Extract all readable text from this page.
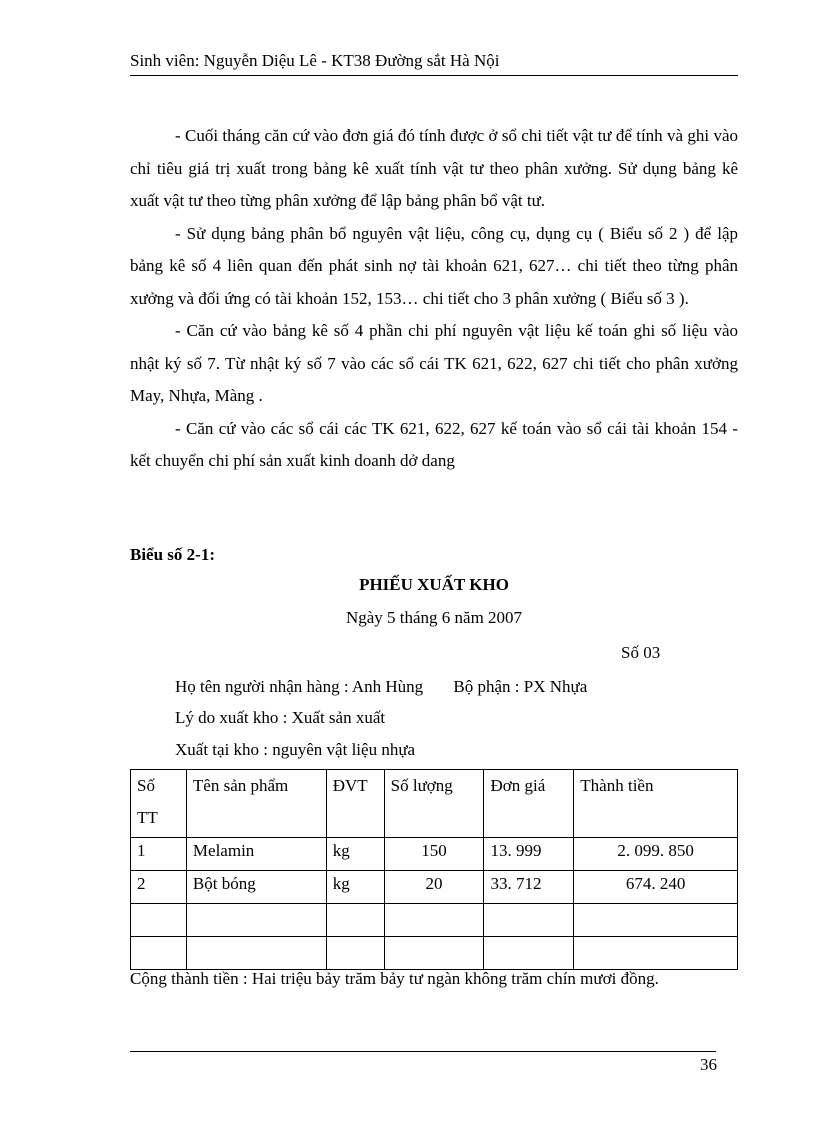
Sinh viên: Nguyễn Diệu Lê - KT38 Đường sắt Hà Nội

- Cuối tháng căn cứ vào đơn giá đó tính được ở sổ chi tiết vật tư để tính và ghi vào chỉ tiêu giá trị xuất trong bảng kê xuất tính vật tư theo phân xưởng. Sử dụng bảng kê xuất vật tư theo từng phân xưởng để lập bảng phân bổ vật tư.

- Sử dụng bảng phân bổ nguyên vật liệu, công cụ, dụng cụ ( Biểu số 2 ) để lập bảng kê số 4 liên quan đến phát sinh nợ tài khoản 621, 627… chi tiết theo từng phân xưởng và đối ứng có tài khoản 152, 153… chi tiết cho 3 phân xưởng ( Biểu số 3 ).

- Căn cứ vào bảng kê số 4 phần chi phí nguyên vật liệu kế toán ghi số liệu vào nhật ký số 7. Từ nhật ký số 7 vào các sổ cái TK 621, 622, 627 chi tiết cho phân xưởng May, Nhựa, Màng .

- Căn cứ vào các sổ cái các TK 621, 622, 627 kế toán vào sổ cái tài khoản 154 - kết chuyển chi phí sản xuất kinh doanh dở dang

Biểu số 2-1:
PHIẾU XUẤT KHO
Ngày 5 tháng 6 năm 2007
Số 03
Họ tên người nhận hàng : Anh Hùng Bộ phận : PX Nhựa
Lý do xuất kho : Xuất sản xuất
Xuất tại kho : nguyên vật liệu nhựa
Số
TT	Tên sản phẩm	ĐVT	Số lượng	Đơn giá	Thành tiền
1	Melamin	kg	150	13. 999	2. 099. 850
2	Bột bóng	kg	20	33. 712	674. 240

Cộng thành tiền : Hai triệu bảy trăm bảy tư ngàn không trăm chín mươi đồng.
36
